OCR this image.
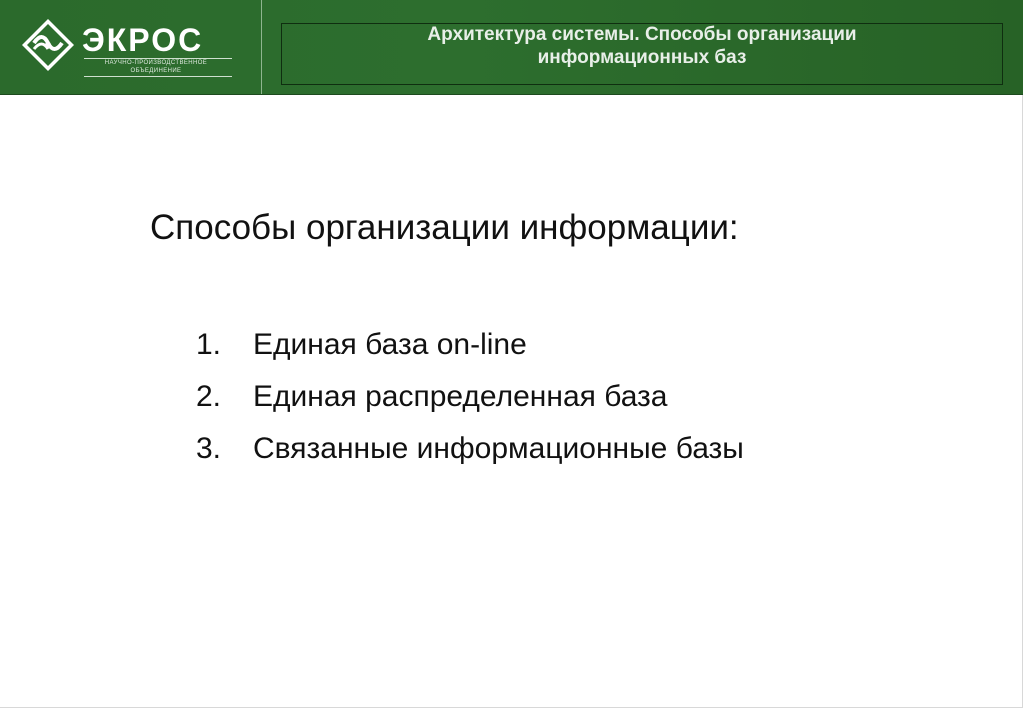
ЭКРОС
НАУЧНО-ПРОИЗВОДСТВЕННОЕ
ОБЪЕДИНЕНИЕ
Архитектура системы. Способы организации
информационных баз
Способы организации информации:
1.	Единая база on-line
2.	Единая распределенная база
3.	Связанные информационные базы
